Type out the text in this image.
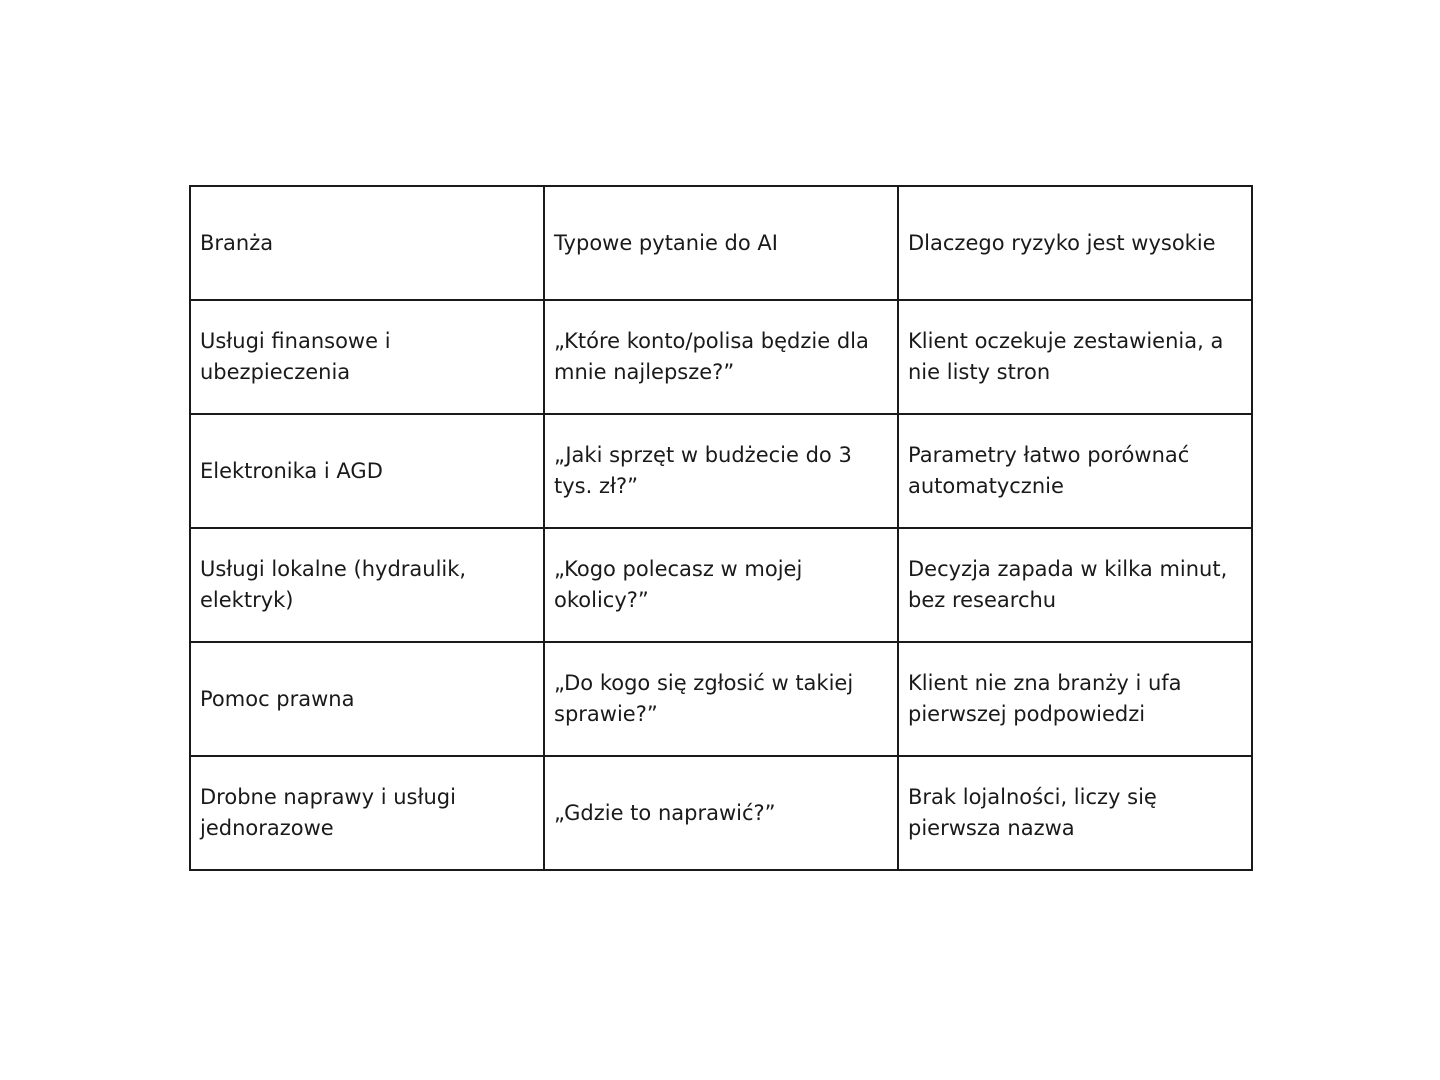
Branża	Typowe pytanie do AI	Dlaczego ryzyko jest wysokie
Usługi finansowe i ubezpieczenia	„Które konto/polisa będzie dla mnie najlepsze?”	Klient oczekuje zestawienia, a nie listy stron
Elektronika i AGD	„Jaki sprzęt w budżecie do 3 tys. zł?”	Parametry łatwo porównać automatycznie
Usługi lokalne (hydraulik, elektryk)	„Kogo polecasz w mojej okolicy?”	Decyzja zapada w kilka minut, bez researchu
Pomoc prawna	„Do kogo się zgłosić w takiej sprawie?”	Klient nie zna branży i ufa pierwszej podpowiedzi
Drobne naprawy i usługi jednorazowe	„Gdzie to naprawić?”	Brak lojalności, liczy się pierwsza nazwa
